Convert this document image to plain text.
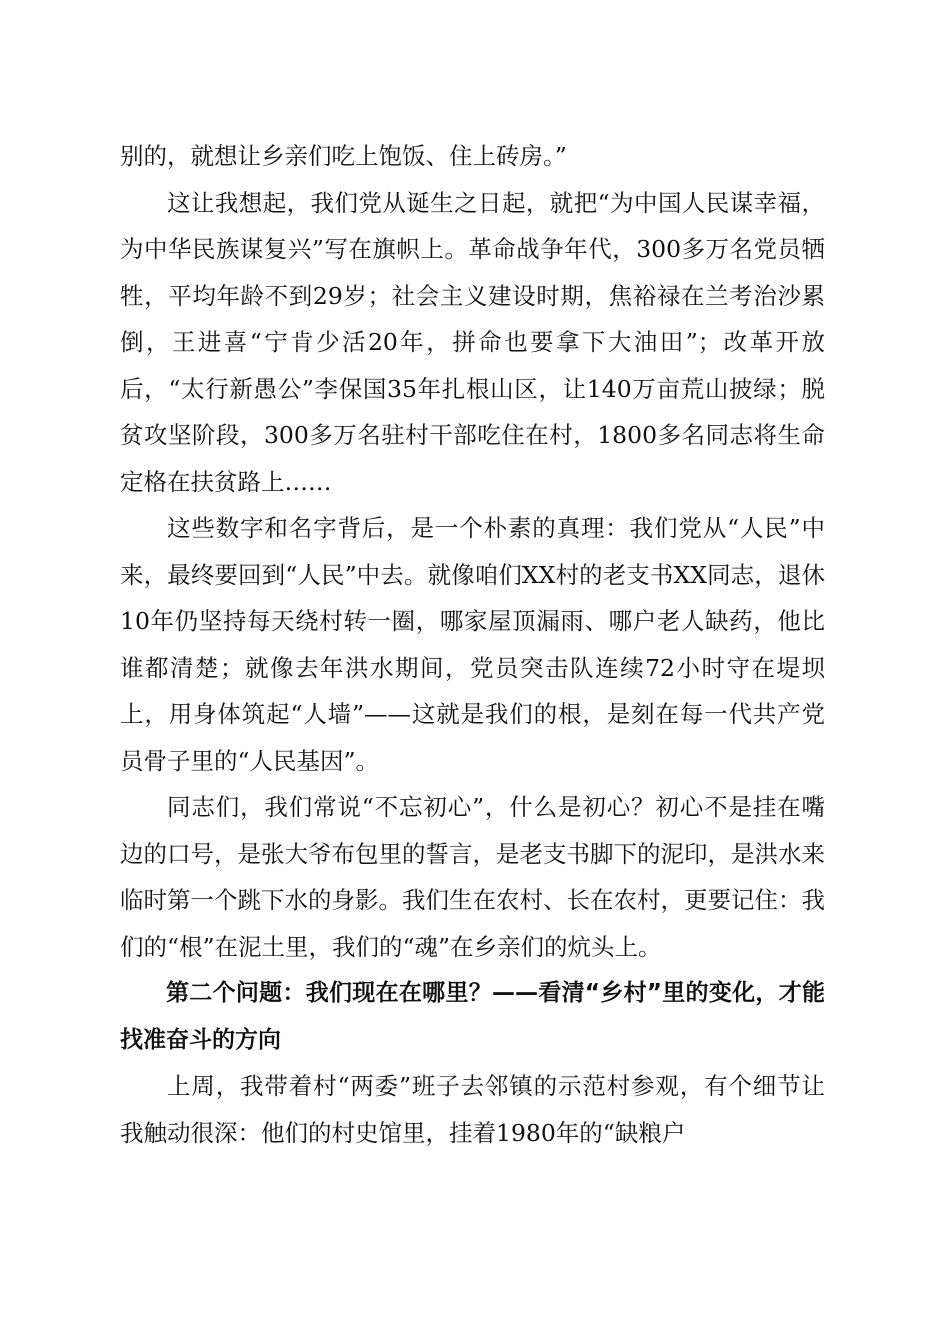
别的，就想让乡亲们吃上饱饭、住上砖房。”

这让我想起，我们党从诞生之日起，就把“为中国人民谋幸福，为中华民族谋复兴”写在旗帜上。革命战争年代，300多万名党员牺牲，平均年龄不到29岁；社会主义建设时期，焦裕禄在兰考治沙累倒，王进喜“宁肯少活20年，拼命也要拿下大油田”；改革开放后，“太行新愚公”李保国35年扎根山区，让140万亩荒山披绿；脱贫攻坚阶段，300多万名驻村干部吃住在村，1800多名同志将生命定格在扶贫路上……

这些数字和名字背后，是一个朴素的真理：我们党从“人民”中来，最终要回到“人民”中去。就像咱们XX村的老支书XX同志，退休10年仍坚持每天绕村转一圈，哪家屋顶漏雨、哪户老人缺药，他比谁都清楚；就像去年洪水期间，党员突击队连续72小时守在堤坝上，用身体筑起“人墙”——这就是我们的根，是刻在每一代共产党员骨子里的“人民基因”。

同志们，我们常说“不忘初心”，什么是初心？初心不是挂在嘴边的口号，是张大爷布包里的誓言，是老支书脚下的泥印，是洪水来临时第一个跳下水的身影。我们生在农村、长在农村，更要记住：我们的“根”在泥土里，我们的“魂”在乡亲们的炕头上。

第二个问题：我们现在在哪里？——看清“乡村”里的变化，才能找准奋斗的方向

上周，我带着村“两委”班子去邻镇的示范村参观，有个细节让我触动很深：他们的村史馆里，挂着1980年的“缺粮户
